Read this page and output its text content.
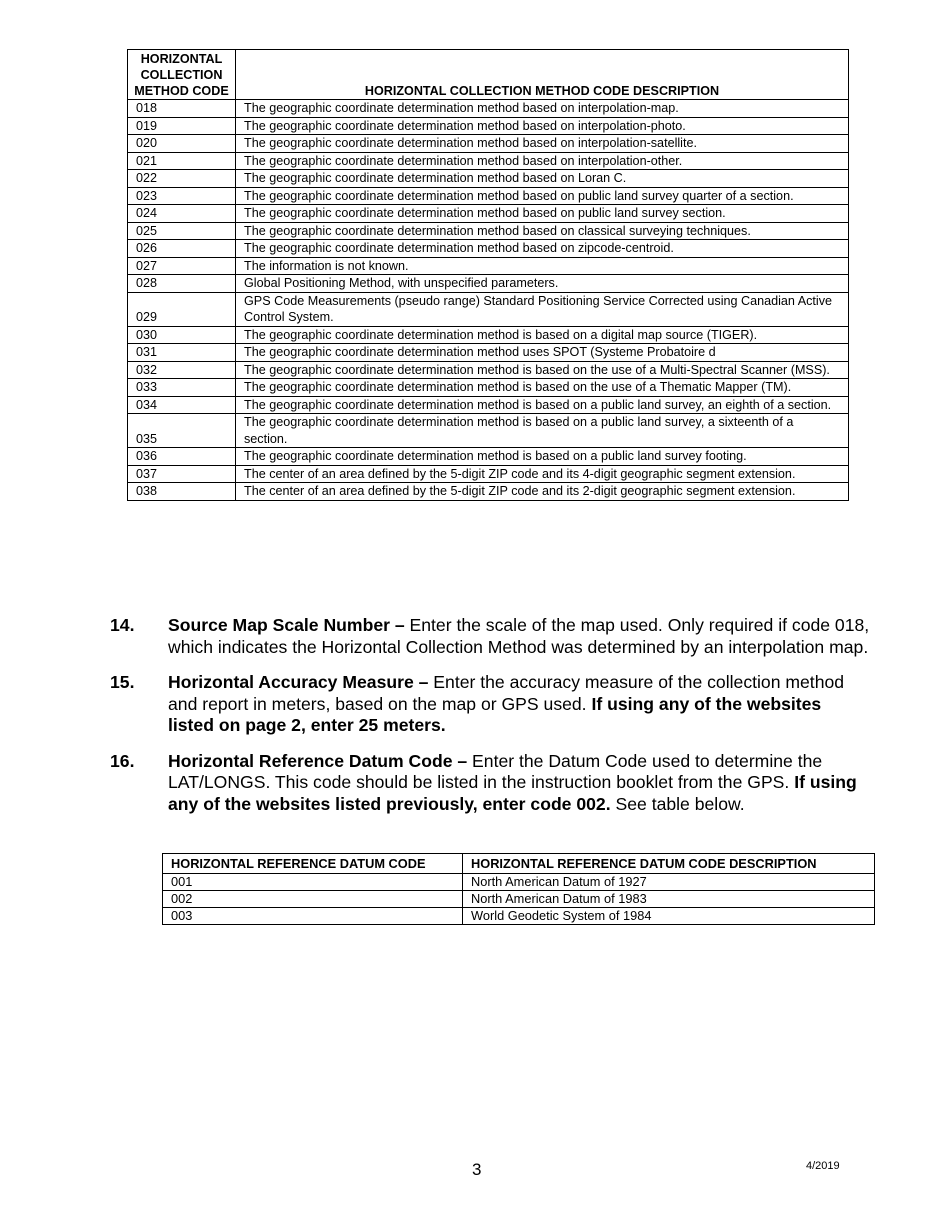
HORIZONTAL COLLECTION METHOD CODE	HORIZONTAL COLLECTION METHOD CODE DESCRIPTION
018	The geographic coordinate determination method based on interpolation-map.
019	The geographic coordinate determination method based on interpolation-photo.
020	The geographic coordinate determination method based on interpolation-satellite.
021	The geographic coordinate determination method based on interpolation-other.
022	The geographic coordinate determination method based on Loran C.
023	The geographic coordinate determination method based on public land survey quarter of a section.
024	The geographic coordinate determination method based on public land survey section.
025	The geographic coordinate determination method based on classical surveying techniques.
026	The geographic coordinate determination method based on zipcode-centroid.
027	The information is not known.
028	Global Positioning Method, with unspecified parameters.
029	GPS Code Measurements (pseudo range) Standard Positioning Service Corrected using Canadian Active Control System.
030	The geographic coordinate determination method is based on a digital map source (TIGER).
031	The geographic coordinate determination method uses SPOT (Systeme Probatoire d
032	The geographic coordinate determination method is based on the use of a Multi-Spectral Scanner (MSS).
033	The geographic coordinate determination method is based on the use of a Thematic Mapper (TM).
034	The geographic coordinate determination method is based on a public land survey, an eighth of a section.
035	The geographic coordinate determination method is based on a public land survey, a sixteenth of a section.
036	The geographic coordinate determination method is based on a public land survey footing.
037	The center of an area defined by the 5-digit ZIP code and its 4-digit geographic segment extension.
038	The center of an area defined by the 5-digit ZIP code and its 2-digit geographic segment extension.
14.	Source Map Scale Number – Enter the scale of the map used. Only required if code 018, which indicates the Horizontal Collection Method was determined by an interpolation map.
15.	Horizontal Accuracy Measure – Enter the accuracy measure of the collection method and report in meters, based on the map or GPS used. If using any of the websites listed on page 2, enter 25 meters.
16.	Horizontal Reference Datum Code – Enter the Datum Code used to determine the LAT/LONGS. This code should be listed in the instruction booklet from the GPS. If using any of the websites listed previously, enter code 002. See table below.
HORIZONTAL REFERENCE DATUM CODE	HORIZONTAL REFERENCE DATUM CODE DESCRIPTION
001	North American Datum of 1927
002	North American Datum of 1983
003	World Geodetic System of 1984
3	4/2019
